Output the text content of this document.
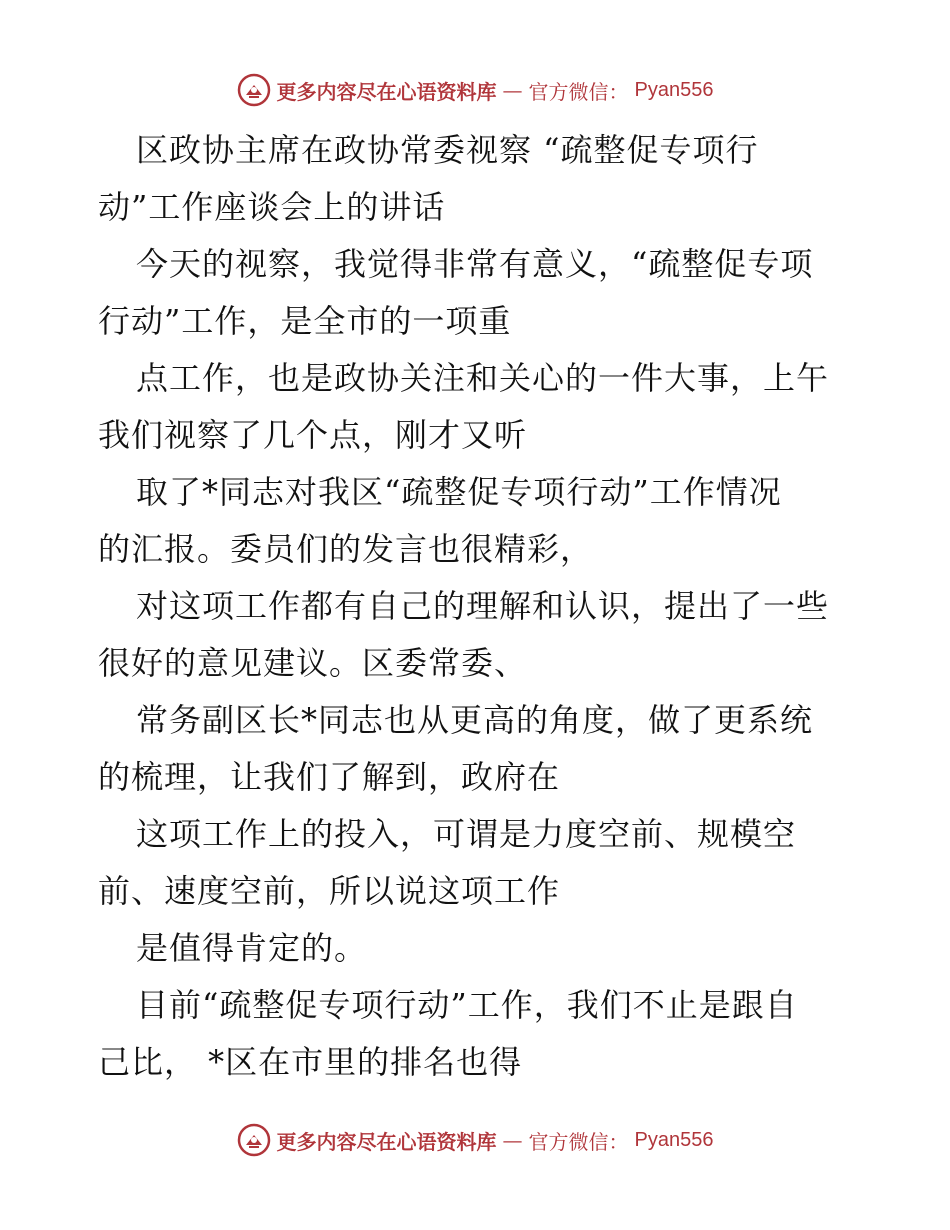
更多内容尽在心语资料库 — 官方微信： Pyan556

区政协主席在政协常委视察 “疏整促专项行
动”工作座谈会上的讲话

今天的视察，我觉得非常有意义，“疏整促专项
行动”工作，是全市的一项重

点工作，也是政协关注和关心的一件大事，上午
我们视察了几个点，刚才又听

取了*同志对我区“疏整促专项行动”工作情况
的汇报。委员们的发言也很精彩，

对这项工作都有自己的理解和认识，提出了一些
很好的意见建议。区委常委、

常务副区长*同志也从更高的角度，做了更系统
的梳理，让我们了解到，政府在

这项工作上的投入，可谓是力度空前、规模空
前、速度空前，所以说这项工作

是值得肯定的。

目前“疏整促专项行动”工作，我们不止是跟自
己比， *区在市里的排名也得

更多内容尽在心语资料库 — 官方微信： Pyan556
